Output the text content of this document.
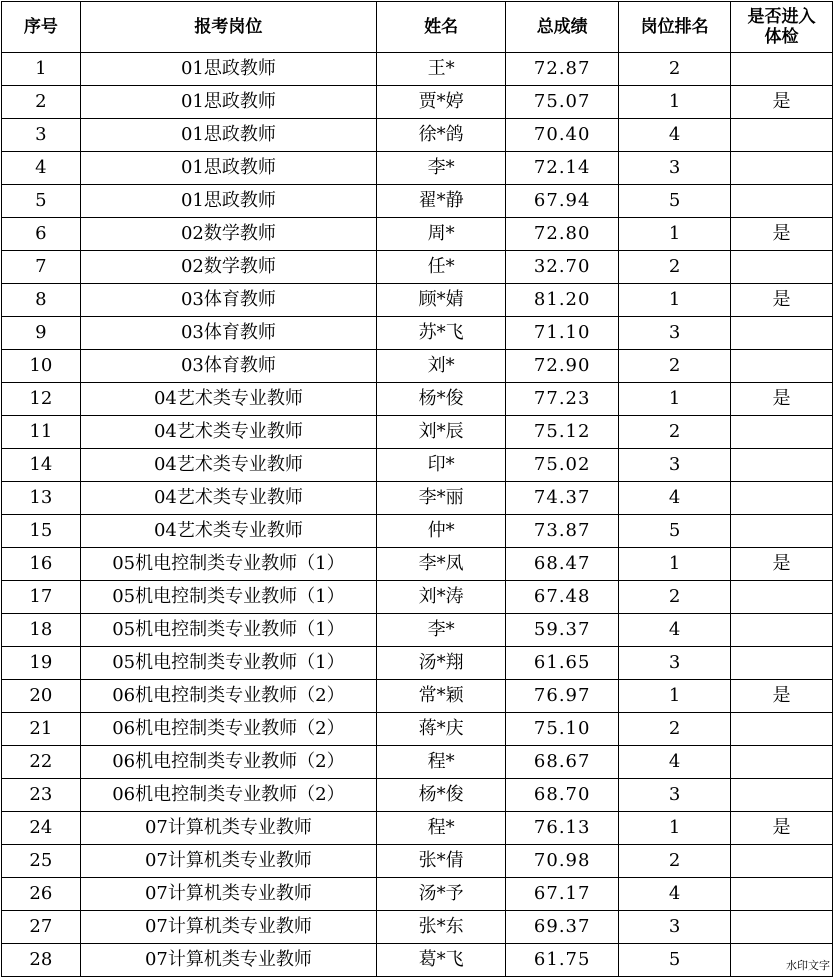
序号	报考岗位	姓名	总成绩	岗位排名	是否进入
体检

1	01思政教师	王*	72.87	2	
2	01思政教师	贾*婷	75.07	1	是
3	01思政教师	徐*鸽	70.40	4	
4	01思政教师	李*	72.14	3	
5	01思政教师	翟*静	67.94	5	
6	02数学教师	周*	72.80	1	是
7	02数学教师	任*	32.70	2	
8	03体育教师	顾*婧	81.20	1	是
9	03体育教师	苏*飞	71.10	3	
10	03体育教师	刘*	72.90	2	
12	04艺术类专业教师	杨*俊	77.23	1	是
11	04艺术类专业教师	刘*辰	75.12	2	
14	04艺术类专业教师	印*	75.02	3	
13	04艺术类专业教师	李*丽	74.37	4	
15	04艺术类专业教师	仲*	73.87	5	
16	05机电控制类专业教师（1）	李*凤	68.47	1	是
17	05机电控制类专业教师（1）	刘*涛	67.48	2	
18	05机电控制类专业教师（1）	李*	59.37	4	
19	05机电控制类专业教师（1）	汤*翔	61.65	3	
20	06机电控制类专业教师（2）	常*颖	76.97	1	是
21	06机电控制类专业教师（2）	蒋*庆	75.10	2	
22	06机电控制类专业教师（2）	程*	68.67	4	
23	06机电控制类专业教师（2）	杨*俊	68.70	3	
24	07计算机类专业教师	程*	76.13	1	是
25	07计算机类专业教师	张*倩	70.98	2	
26	07计算机类专业教师	汤*予	67.17	4	
27	07计算机类专业教师	张*东	69.37	3	
28	07计算机类专业教师	葛*飞	61.75	5		水印文字
